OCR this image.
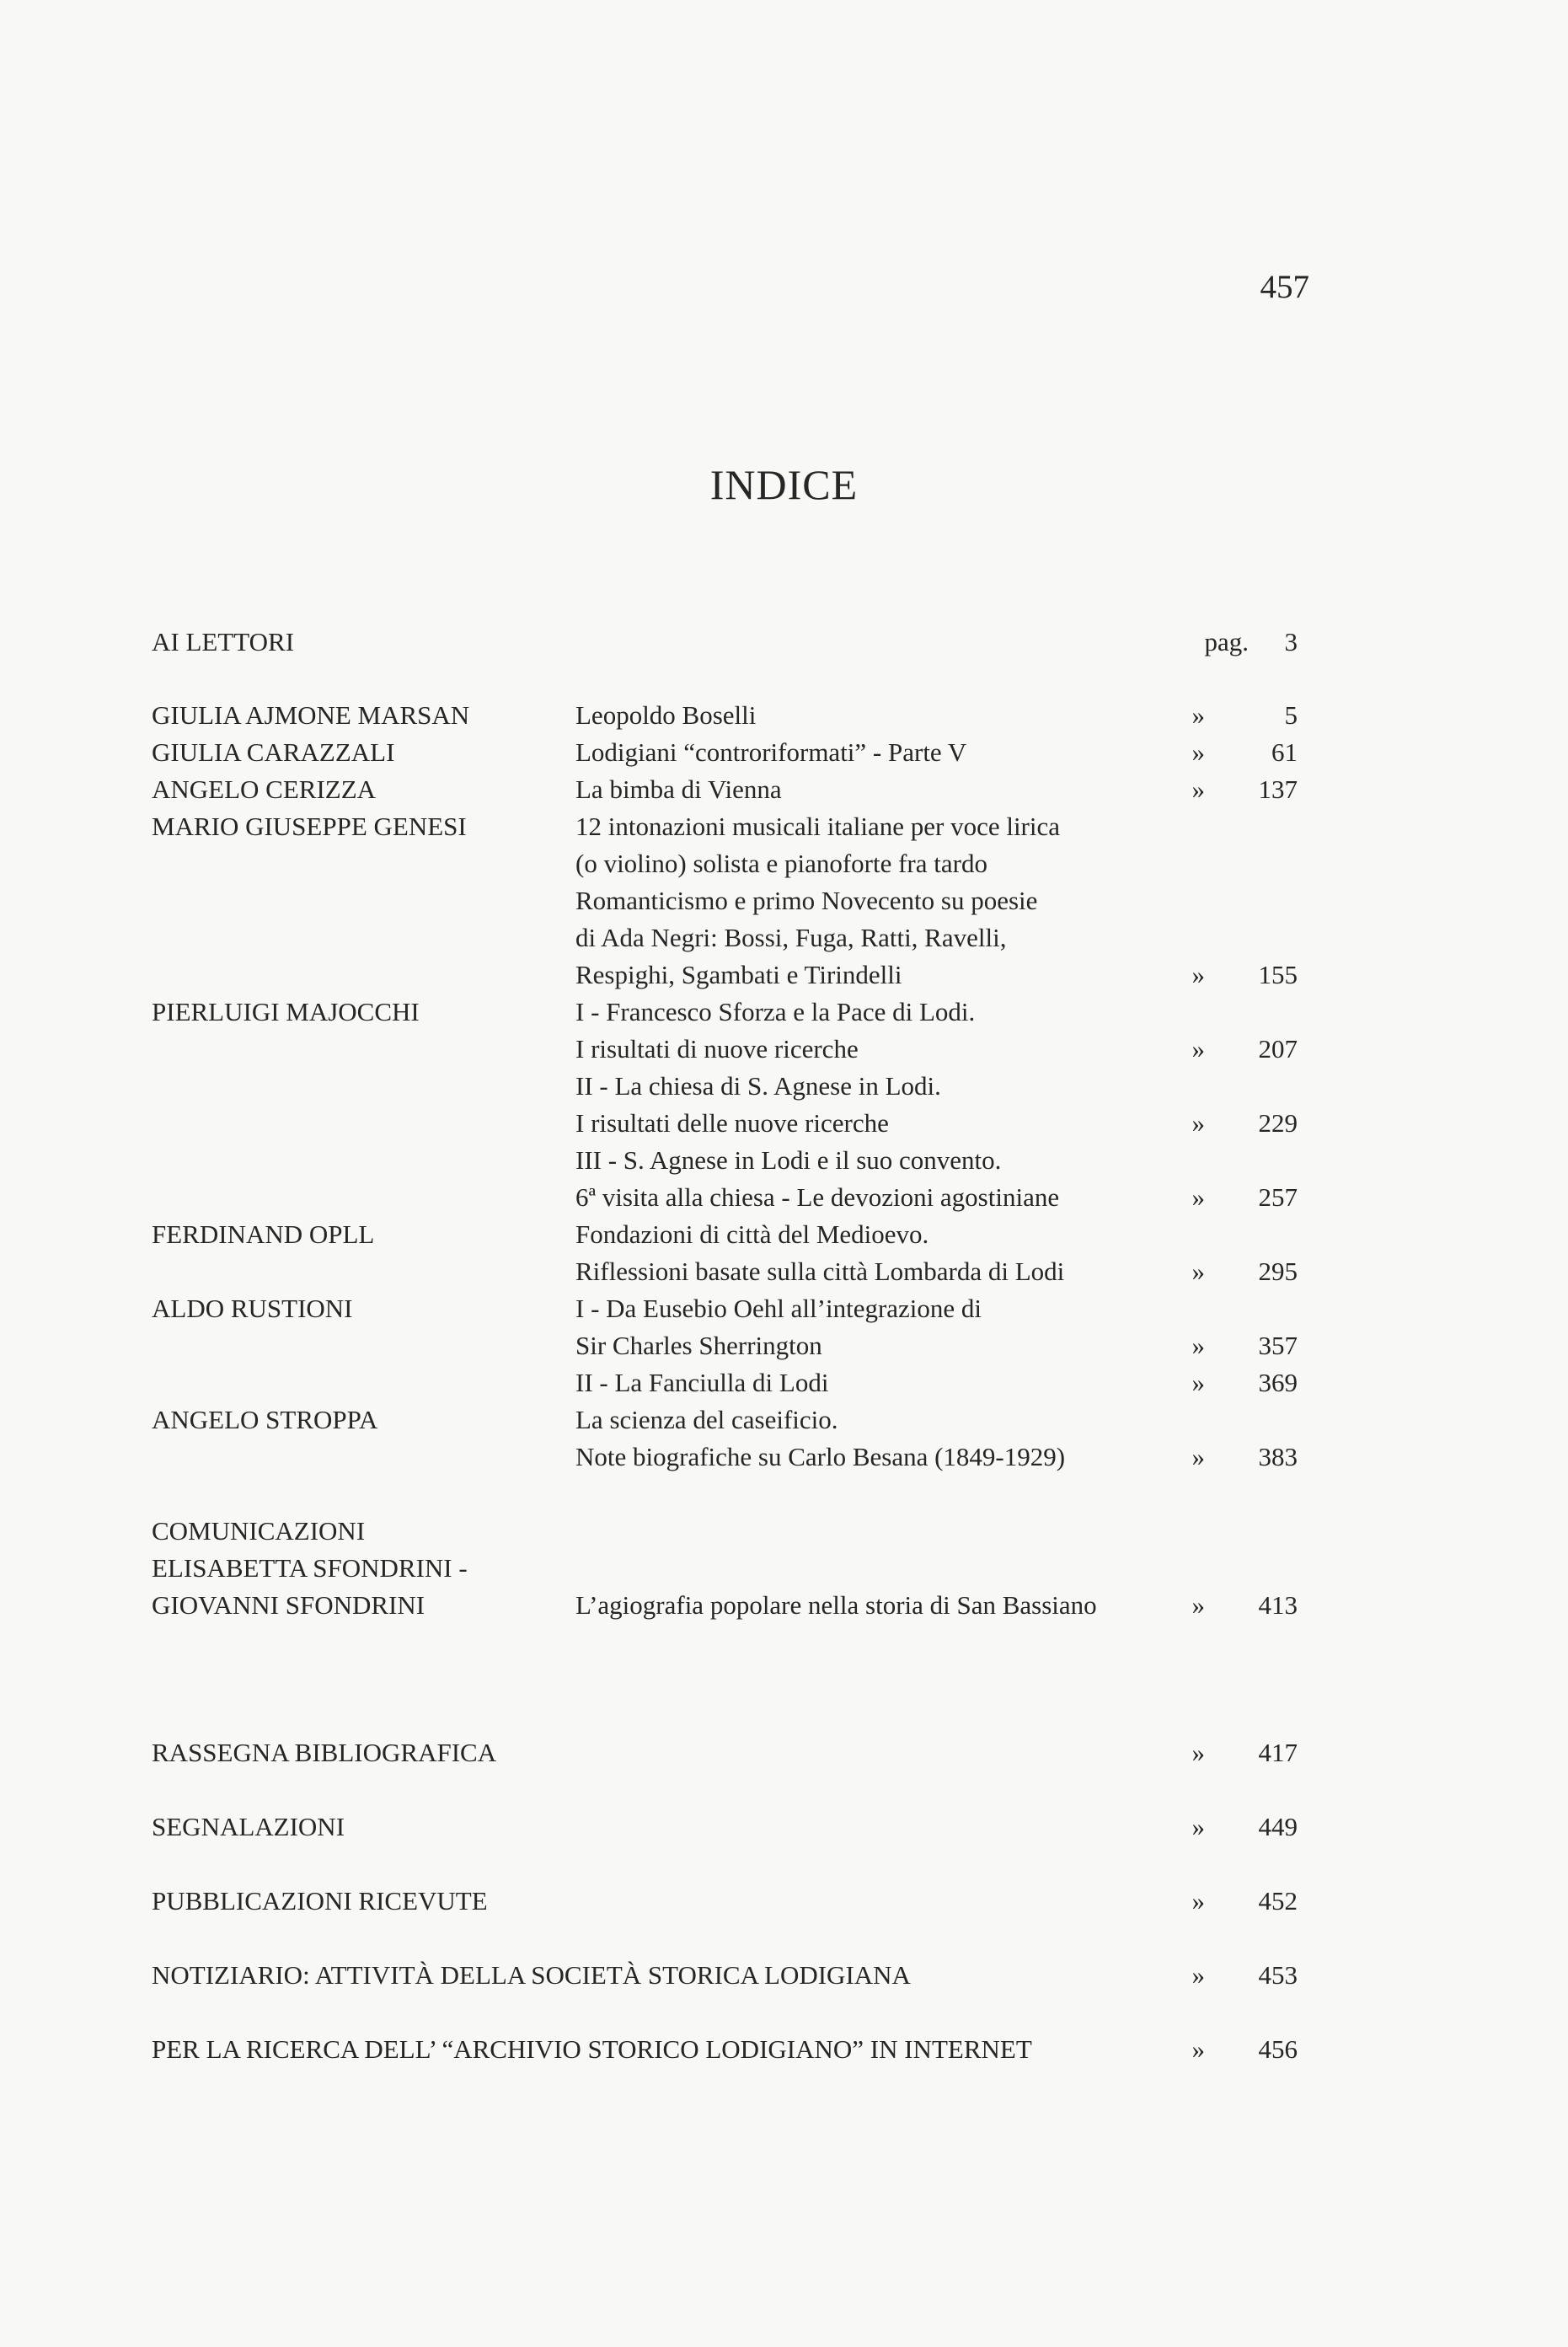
457
INDICE
AI LETTORI	pag.	3
GIULIA AJMONE MARSAN	Leopoldo Boselli	»	5
GIULIA CARAZZALI	Lodigiani “controriformati” - Parte V	»	61
ANGELO CERIZZA	La bimba di Vienna	»	137
MARIO GIUSEPPE GENESI	12 intonazioni musicali italiane per voce lirica
(o violino) solista e pianoforte fra tardo
Romanticismo e primo Novecento su poesie
di Ada Negri: Bossi, Fuga, Ratti, Ravelli,
Respighi, Sgambati e Tirindelli	»	155
PIERLUIGI MAJOCCHI	I - Francesco Sforza e la Pace di Lodi.
I risultati di nuove ricerche	»	207
II - La chiesa di S. Agnese in Lodi.
I risultati delle nuove ricerche	»	229
III - S. Agnese in Lodi e il suo convento.
6ª visita alla chiesa - Le devozioni agostiniane	»	257
FERDINAND OPLL	Fondazioni di città del Medioevo.
Riflessioni basate sulla città Lombarda di Lodi	»	295
ALDO RUSTIONI	I - Da Eusebio Oehl all’integrazione di
Sir Charles Sherrington	»	357
II - La Fanciulla di Lodi	»	369
ANGELO STROPPA	La scienza del caseificio.
Note biografiche su Carlo Besana (1849-1929)	»	383
COMUNICAZIONI
ELISABETTA SFONDRINI -
GIOVANNI SFONDRINI	L’agiografia popolare nella storia di San Bassiano	»	413
RASSEGNA BIBLIOGRAFICA	»	417
SEGNALAZIONI	»	449
PUBBLICAZIONI RICEVUTE	»	452
NOTIZIARIO: ATTIVITÀ DELLA SOCIETÀ STORICA LODIGIANA	»	453
PER LA RICERCA DELL’ “ARCHIVIO STORICO LODIGIANO” IN INTERNET	»	456
